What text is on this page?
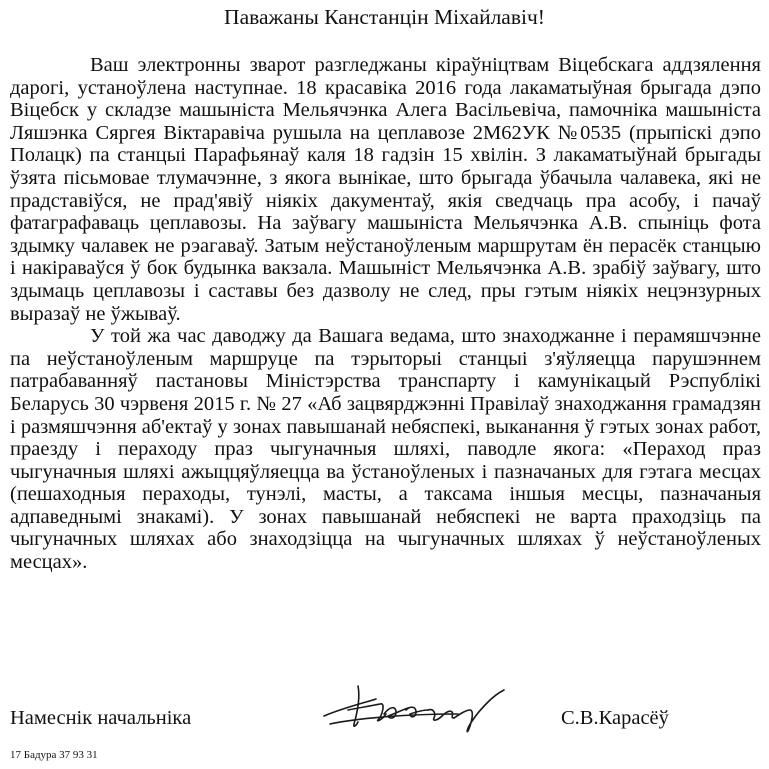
Паважаны Канстанцін Міхайлавіч!

Ваш электронны зварот разгледжаны кіраўніцтвам Віцебскага аддзялення дарогі, устаноўлена наступнае. 18 красавіка 2016 года лакаматыўная брыгада дэпо Віцебск у складзе машыніста Мельячэнка Алега Васільевіча, памочніка машыніста Ляшэнка Сяргея Віктаравіча рушыла на цеплавозе 2М62УК №0535 (прыпіскі дэпо Полацк) па станцыі Парафьянаў каля 18 гадзін 15 хвілін. З лакаматыўнай брыгады ўзята пісьмовае тлумачэнне, з якога вынікае, што брыгада ўбачыла чалавека, які не прадставіўся, не прад'явіў ніякіх дакументаў, якія сведчаць пра асобу, і пачаў фатаграфаваць цеплавозы. На заўвагу машыніста Мельячэнка А.В. спыніць фота здымку чалавек не рэагаваў. Затым неўстаноўленым маршрутам ён перасёк станцыю і накіраваўся ў бок будынка вакзала. Машыніст Мельячэнка А.В. зрабіў заўвагу, што здымаць цеплавозы і саставы без дазволу не след, пры гэтым ніякіх нецэнзурных выразаў не ўжываў.

У той жа час даводжу да Вашага ведама, што знаходжанне і перамяшчэнне па неўстаноўленым маршруце па тэрыторыі станцыі з'яўляецца парушэннем патрабаванняў пастановы Міністэрства транспарту і камунікацый Рэспублікі Беларусь 30 чэрвеня 2015 г. № 27 «Аб зацвярджэнні Правілаў знаходжання грамадзян і размяшчэння аб'ектаў у зонах павышанай небяспекі, выканання ў гэтых зонах работ, праезду і пераходу праз чыгуначныя шляхі, паводле якога: «Пераход праз чыгуначныя шляхі ажыццяўляецца ва ўстаноўленых і пазначаных для гэтага месцах (пешаходныя пераходы, тунэлі, масты, а таксама іншыя месцы, пазначаныя адпаведнымі знакамі). У зонах павышанай небяспекі не варта праходзіць па чыгуначных шляхах або знаходзіцца на чыгуначных шляхах ў неўстаноўленых месцах».

Намеснік начальніка	С.В.Карасёў
17 Бадура 37 93 31
